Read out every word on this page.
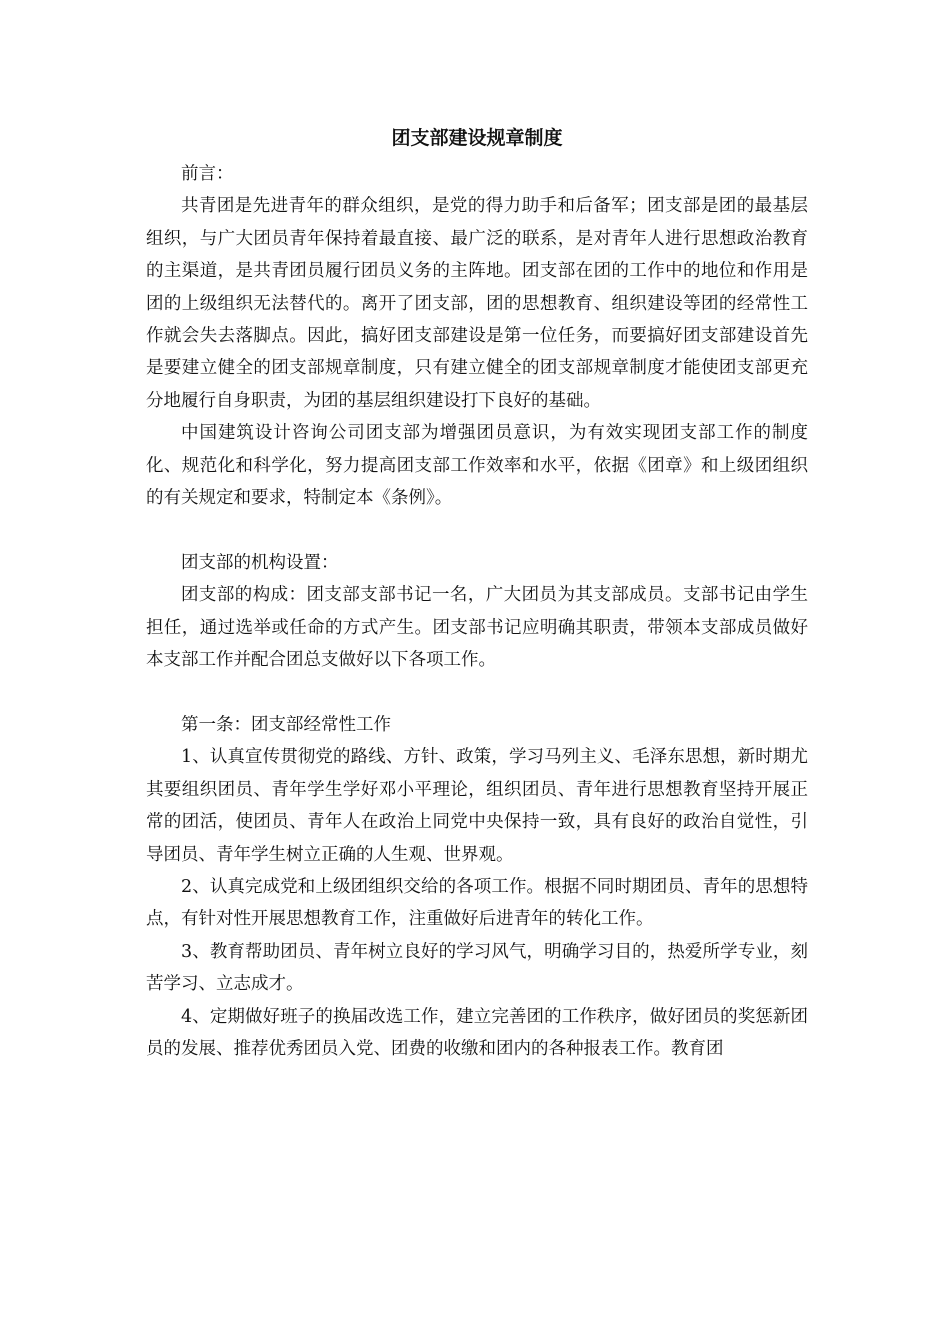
团支部建设规章制度

前言：

共青团是先进青年的群众组织，是党的得力助手和后备军；团支部是团的最基层组织，与广大团员青年保持着最直接、最广泛的联系，是对青年人进行思想政治教育的主渠道，是共青团员履行团员义务的主阵地。团支部在团的工作中的地位和作用是团的上级组织无法替代的。离开了团支部，团的思想教育、组织建设等团的经常性工作就会失去落脚点。因此，搞好团支部建设是第一位任务，而要搞好团支部建设首先是要建立健全的团支部规章制度，只有建立健全的团支部规章制度才能使团支部更充分地履行自身职责，为团的基层组织建设打下良好的基础。

中国建筑设计咨询公司团支部为增强团员意识，为有效实现团支部工作的制度化、规范化和科学化，努力提高团支部工作效率和水平，依据《团章》和上级团组织的有关规定和要求，特制定本《条例》。

团支部的机构设置：

团支部的构成：团支部支部书记一名，广大团员为其支部成员。支部书记由学生担任，通过选举或任命的方式产生。团支部书记应明确其职责，带领本支部成员做好本支部工作并配合团总支做好以下各项工作。

第一条：团支部经常性工作

1、认真宣传贯彻党的路线、方针、政策，学习马列主义、毛泽东思想，新时期尤其要组织团员、青年学生学好邓小平理论，组织团员、青年进行思想教育坚持开展正常的团活，使团员、青年人在政治上同党中央保持一致，具有良好的政治自觉性，引导团员、青年学生树立正确的人生观、世界观。

2、认真完成党和上级团组织交给的各项工作。根据不同时期团员、青年的思想特点，有针对性开展思想教育工作，注重做好后进青年的转化工作。

3、教育帮助团员、青年树立良好的学习风气，明确学习目的，热爱所学专业，刻苦学习、立志成才。

4、定期做好班子的换届改选工作，建立完善团的工作秩序，做好团员的奖惩新团员的发展、推荐优秀团员入党、团费的收缴和团内的各种报表工作。教育团
